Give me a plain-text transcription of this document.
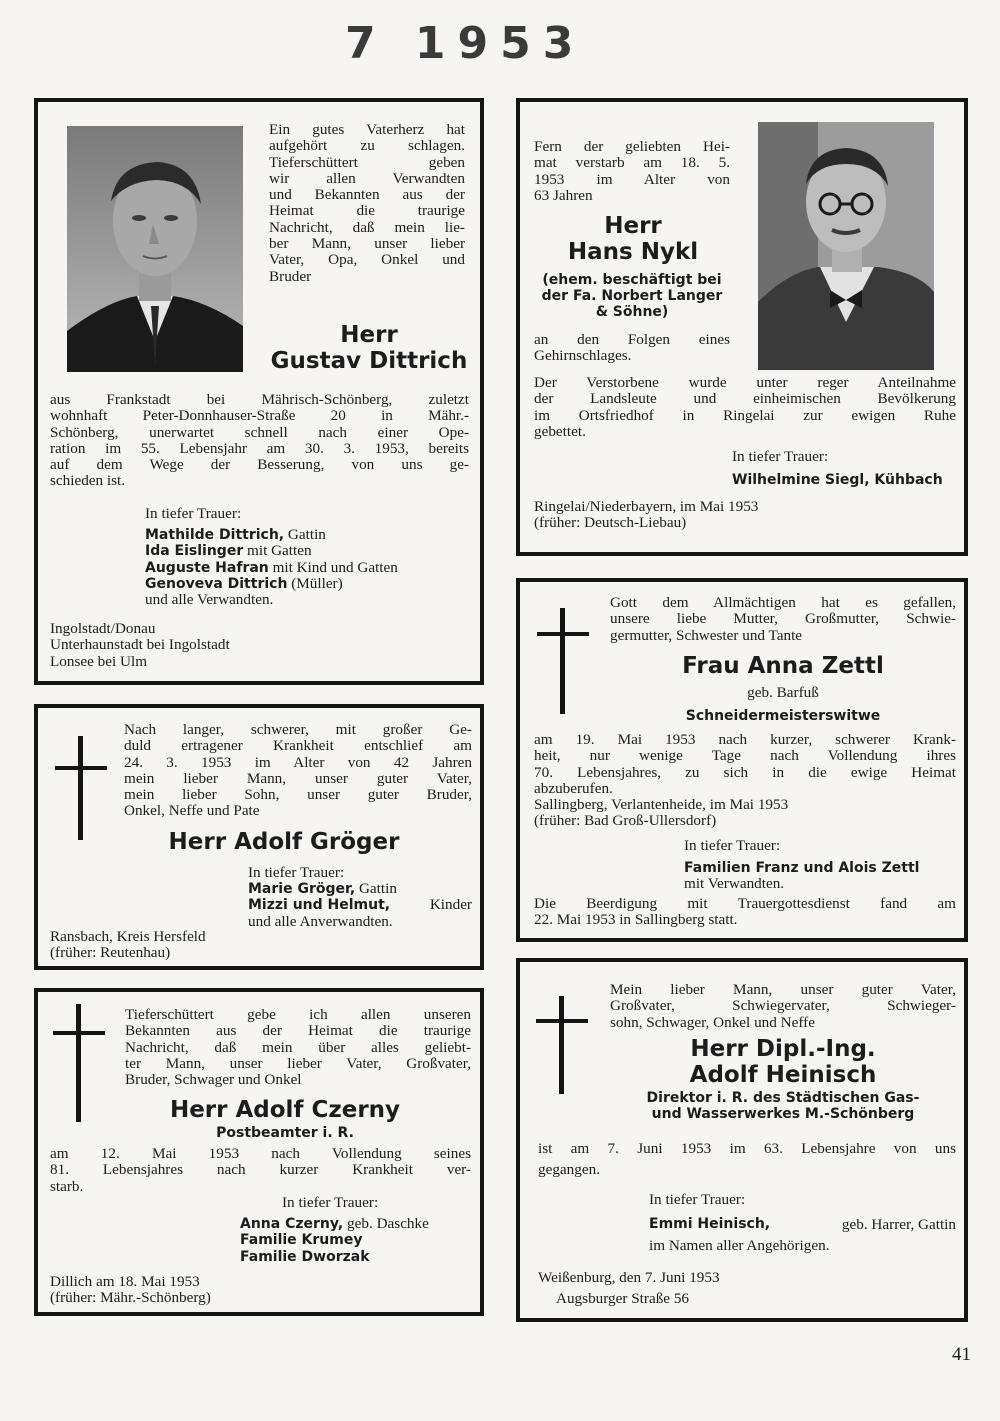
7 1953
Ein gutes Vaterherz hat
aufgehört zu schlagen.
Tieferschüttert geben
wir allen Verwandten
und Bekannten aus der
Heimat die traurige
Nachricht, daß mein lie-
ber Mann, unser lieber
Vater, Opa, Onkel und
Bruder
Herr
Gustav Dittrich
aus Frankstadt bei Mährisch-Schönberg, zuletzt
wohnhaft Peter-Donnhauser-Straße 20 in Mähr.-
Schönberg, unerwartet schnell nach einer Ope-
ration im 55. Lebensjahr am 30. 3. 1953, bereits
auf dem Wege der Besserung, von uns ge-
schieden ist.
In tiefer Trauer:
Mathilde Dittrich, Gattin
Ida Eislinger mit Gatten
Auguste Hafran mit Kind und Gatten
Genoveva Dittrich (Müller)
und alle Verwandten.
Ingolstadt/Donau
Unterhaunstadt bei Ingolstadt
Lonsee bei Ulm
Fern der geliebten Hei-
mat verstarb am 18. 5.
1953 im Alter von
63 Jahren
Herr
Hans Nykl
(ehem. beschäftigt bei
der Fa. Norbert Langer
& Söhne)
an den Folgen eines
Gehirnschlages.
Der Verstorbene wurde unter reger Anteilnahme
der Landsleute und einheimischen Bevölkerung
im Ortsfriedhof in Ringelai zur ewigen Ruhe
gebettet.
In tiefer Trauer:
Wilhelmine Siegl, Kühbach
Ringelai/Niederbayern, im Mai 1953
(früher: Deutsch-Liebau)
Nach langer, schwerer, mit großer Ge-
duld ertragener Krankheit entschlief am
24. 3. 1953 im Alter von 42 Jahren
mein lieber Mann, unser guter Vater,
mein lieber Sohn, unser guter Bruder,
Onkel, Neffe und Pate
Herr Adolf Gröger
In tiefer Trauer:
Marie Gröger, Gattin
Mizzi und Helmut,	Kinder
und alle Anverwandten.
Ransbach, Kreis Hersfeld
(früher: Reutenhau)
Gott dem Allmächtigen hat es gefallen,
unsere liebe Mutter, Großmutter, Schwie-
germutter, Schwester und Tante
Frau Anna Zettl
geb. Barfuß
Schneidermeisterswitwe
am 19. Mai 1953 nach kurzer, schwerer Krank-
heit, nur wenige Tage nach Vollendung ihres
70. Lebensjahres, zu sich in die ewige Heimat
abzuberufen.
Sallingberg, Verlantenheide, im Mai 1953
(früher: Bad Groß-Ullersdorf)
In tiefer Trauer:
Familien Franz und Alois Zettl
mit Verwandten.
Die Beerdigung mit Trauergottesdienst fand am
22. Mai 1953 in Sallingberg statt.
Tieferschüttert gebe ich allen unseren
Bekannten aus der Heimat die traurige
Nachricht, daß mein über alles geliebt-
ter Mann, unser lieber Vater, Großvater,
Bruder, Schwager und Onkel
Herr Adolf Czerny
Postbeamter i. R.
am 12. Mai 1953 nach Vollendung seines
81. Lebensjahres nach kurzer Krankheit ver-
starb.
In tiefer Trauer:
Anna Czerny, geb. Daschke
Familie Krumey
Familie Dworzak
Dillich am 18. Mai 1953
(früher: Mähr.-Schönberg)
Mein lieber Mann, unser guter Vater,
Großvater, Schwiegervater, Schwieger-
sohn, Schwager, Onkel und Neffe
Herr Dipl.-Ing.
Adolf Heinisch
Direktor i. R. des Städtischen Gas-
und Wasserwerkes M.-Schönberg
ist am 7. Juni 1953 im 63. Lebensjahre von uns
gegangen.
In tiefer Trauer:
Emmi Heinisch,	geb. Harrer, Gattin
im Namen aller Angehörigen.
Weißenburg, den 7. Juni 1953
Augsburger Straße 56
41
